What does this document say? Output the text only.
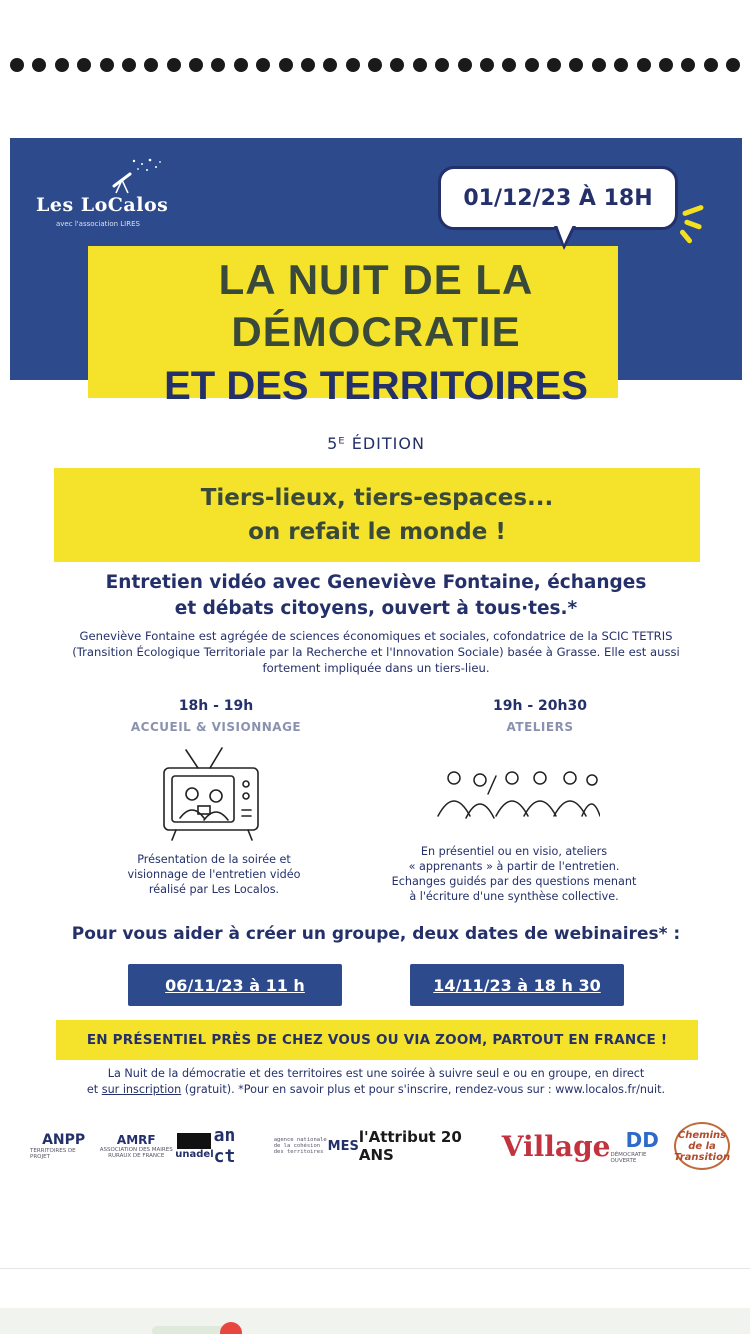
Les LoCalos
avec l'association LIRES
01/12/23 À 18H
LA NUIT DE LA
DÉMOCRATIE
ET DES TERRITOIRES
5ᴱ ÉDITION
Tiers-lieux, tiers-espaces...
on refait le monde !
Entretien vidéo avec Geneviève Fontaine, échanges
et débats citoyens, ouvert à tous·tes.*
Geneviève Fontaine est agrégée de sciences économiques et sociales, cofondatrice de la SCIC TETRIS
(Transition Écologique Territoriale par la Recherche et l'Innovation Sociale) basée à Grasse. Elle est aussi
fortement impliquée dans un tiers-lieu.
18h - 19h
ACCUEIL & VISIONNAGE
19h - 20h30
ATELIERS
Présentation de la soirée et
visionnage de l'entretien vidéo
réalisé par Les Localos.
En présentiel ou en visio, ateliers
« apprenants » à partir de l'entretien.
Echanges guidés par des questions menant
à l'écriture d'une synthèse collective.
Pour vous aider à créer un groupe, deux dates de webinaires* :
06/11/23 à 11 h	14/11/23 à 18 h 30
EN PRÉSENTIEL PRÈS DE CHEZ VOUS OU VIA ZOOM, PARTOUT EN FRANCE !
La Nuit de la démocratie et des territoires est une soirée à suivre seul e ou en groupe, en direct
et sur inscription (gratuit). *Pour en savoir plus et pour s'inscrire, rendez-vous sur : www.localos.fr/nuit.
ANPP
TERRITOIRES DE PROJET
AMRF
ASSOCIATION DES MAIRES RURAUX DE FRANCE	unadel
an ct
agence nationale de la cohésion des territoires MES l'Attribut 20 ANS	Village DD
DÉMOCRATIE OUVERTE
Chemins de la Transition
